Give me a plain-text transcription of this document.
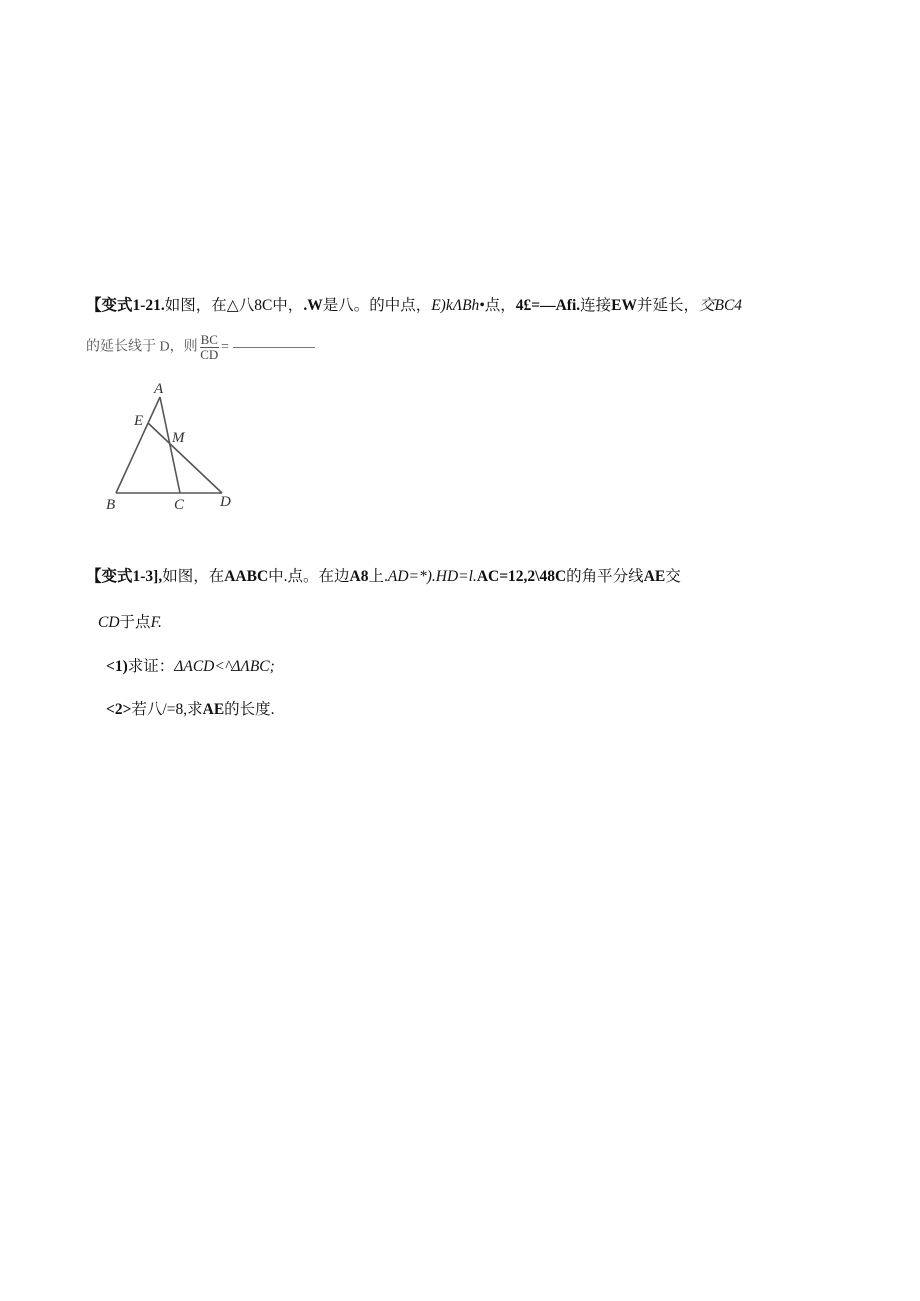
【变式1-21.如图，在△八8C中，.W是八。的中点，E)kΛBh•点，4£=—Afi.连接EW并延长，交BC4
的延长线于 D，则 $\frac{BC}{CD}$ =
A
E
M
B	C D
【变式1-3],如图，在AABC中.点。在边A8上.AD=*).HD=l.AC=12,2\48C的角平分线AE交
CD于点F.
<1)求证：ΔACD<^ΔΛBC;
<2>若八/=8,求AE的长度.
